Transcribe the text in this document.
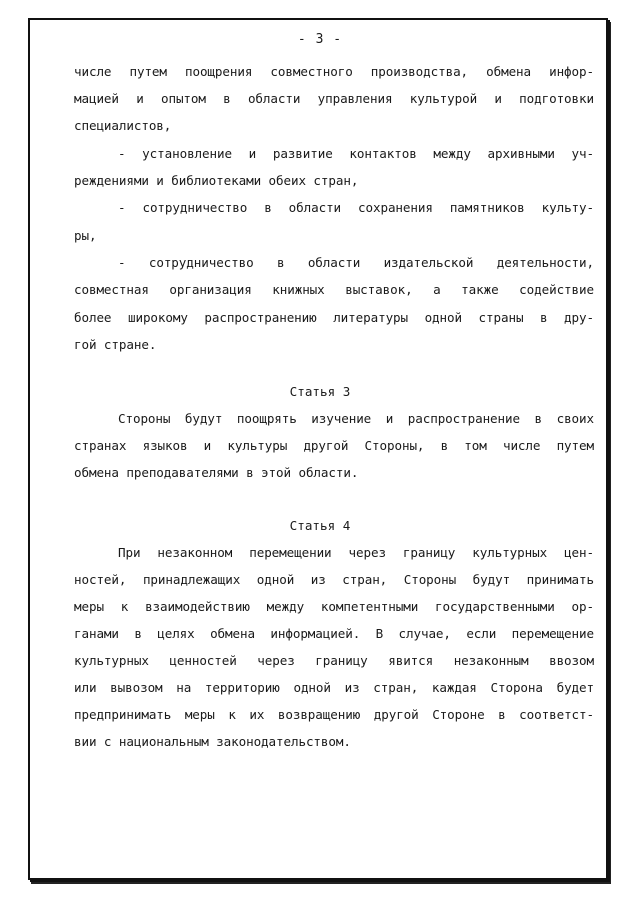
- 3 -
числе путем поощрения совместного производства, обмена инфор-
мацией и опытом в области управления культурой и подготовки
специалистов,
- установление и развитие контактов между архивными уч-
реждениями и библиотеками обеих стран,
- сотрудничество в области сохранения памятников культу-
ры,
- сотрудничество в области издательской деятельности,
совместная организация книжных выставок, а также содействие
более широкому распространению литературы одной страны в дру-
гой стране.
Статья 3
Стороны будут поощрять изучение и распространение в своих
странах языков и культуры другой Стороны, в том числе путем
обмена преподавателями в этой области.
Статья 4
При незаконном перемещении через границу культурных цен-
ностей, принадлежащих одной из стран, Стороны будут принимать
меры к взаимодействию между компетентными государственными ор-
ганами в целях обмена информацией. В случае, если перемещение
культурных ценностей через границу явится незаконным ввозом
или вывозом на территорию одной из стран, каждая Сторона будет
предпринимать меры к их возвращению другой Стороне в соответст-
вии с национальным законодательством.
